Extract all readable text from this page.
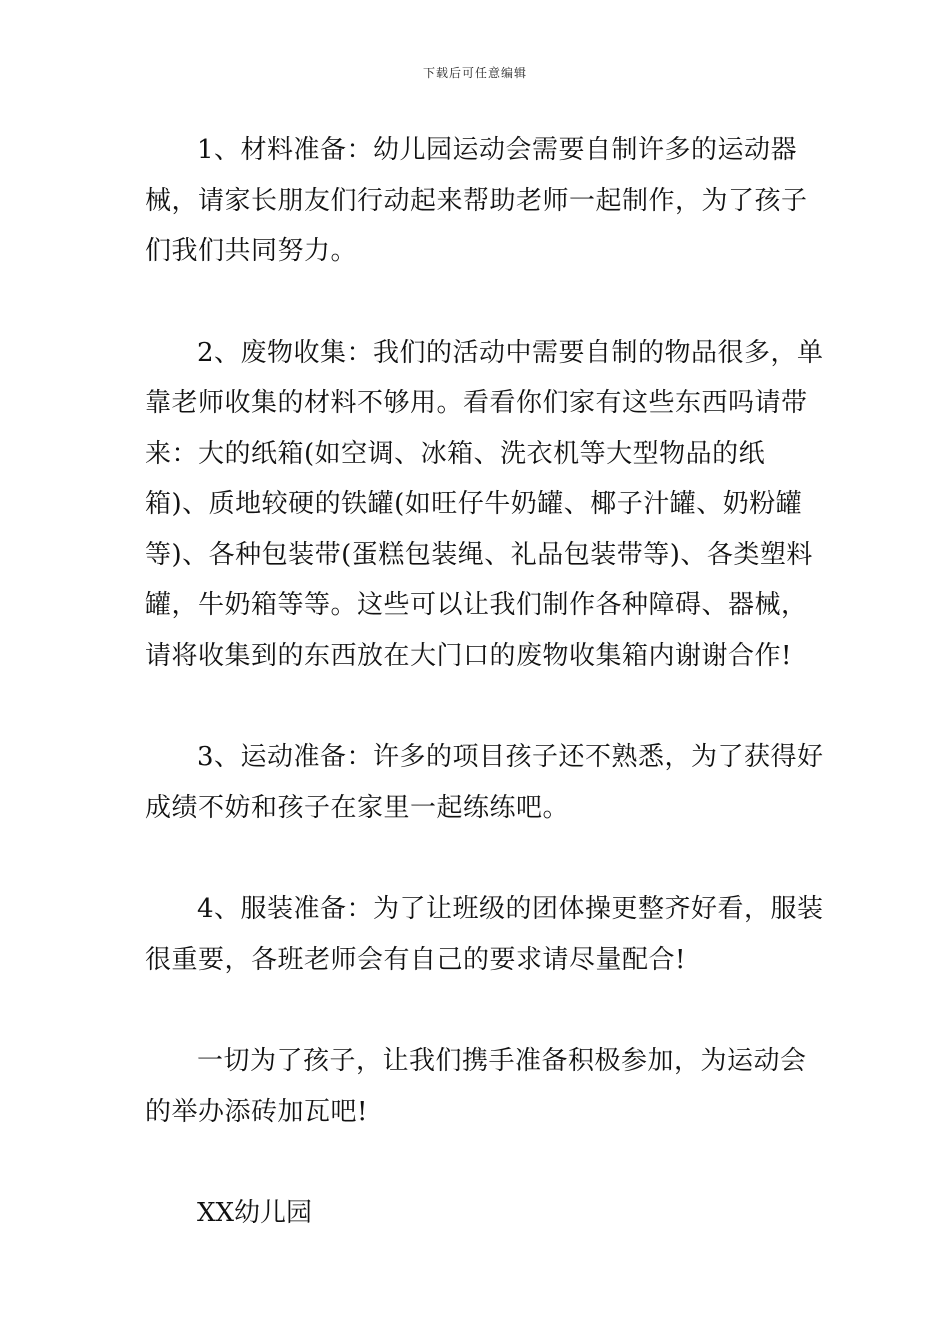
下载后可任意编辑

1、材料准备：幼儿园运动会需要自制许多的运动器械，请家长朋友们行动起来帮助老师一起制作，为了孩子们我们共同努力。

2、废物收集：我们的活动中需要自制的物品很多，单靠老师收集的材料不够用。看看你们家有这些东西吗请带来：大的纸箱(如空调、冰箱、洗衣机等大型物品的纸箱)、质地较硬的铁罐(如旺仔牛奶罐、椰子汁罐、奶粉罐等)、各种包装带(蛋糕包装绳、礼品包装带等)、各类塑料罐，牛奶箱等等。这些可以让我们制作各种障碍、器械，请将收集到的东西放在大门口的废物收集箱内谢谢合作!

3、运动准备：许多的项目孩子还不熟悉，为了获得好成绩不妨和孩子在家里一起练练吧。

4、服装准备：为了让班级的团体操更整齐好看，服装很重要，各班老师会有自己的要求请尽量配合!

一切为了孩子，让我们携手准备积极参加，为运动会的举办添砖加瓦吧!

XX幼儿园
